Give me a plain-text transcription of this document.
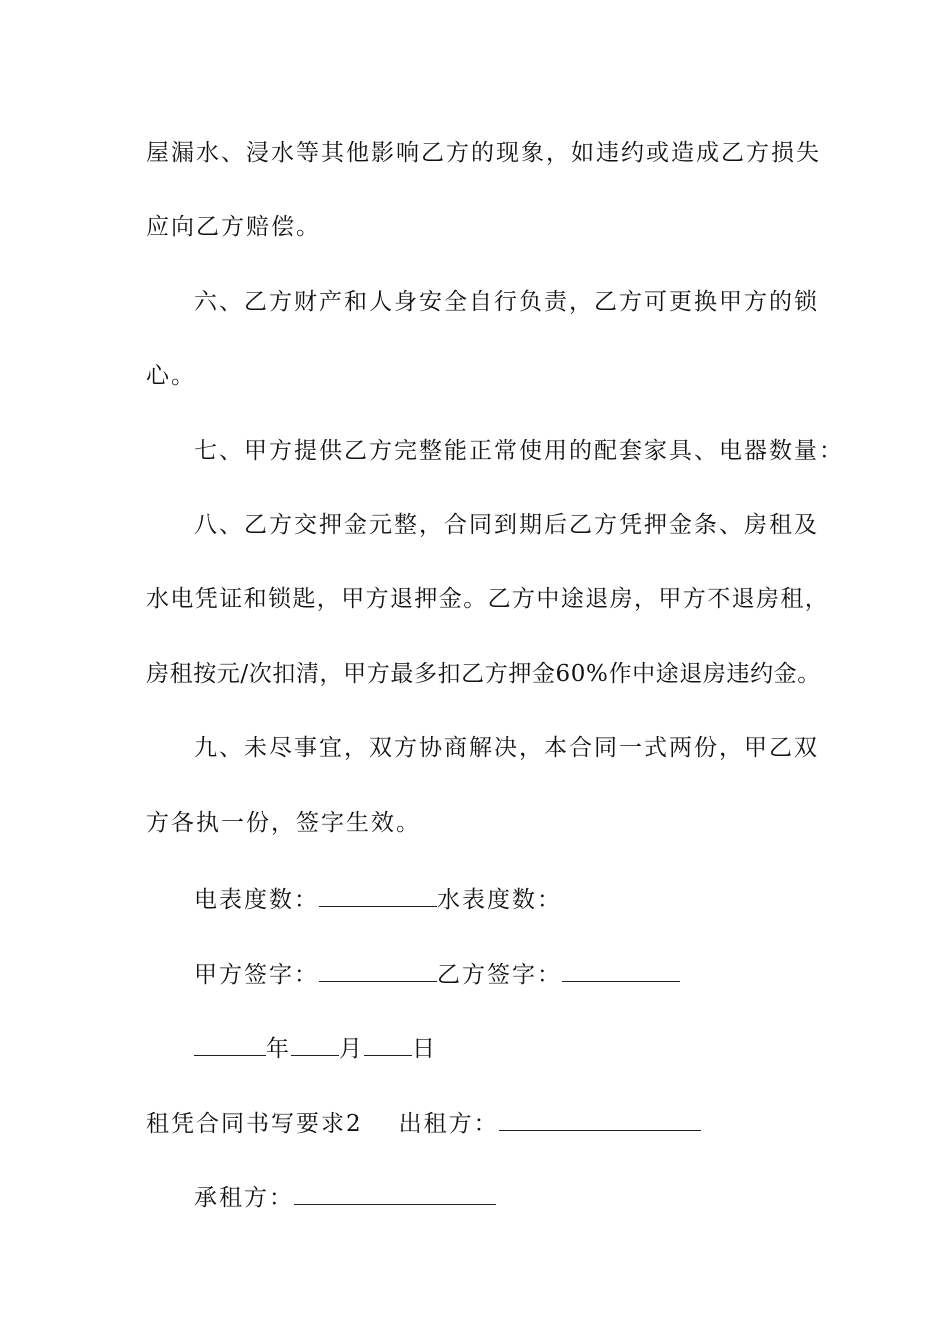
屋漏水、浸水等其他影响乙方的现象，如违约或造成乙方损失
应向乙方赔偿。
六、乙方财产和人身安全自行负责，乙方可更换甲方的锁
心。
七、甲方提供乙方完整能正常使用的配套家具、电器数量：
八、乙方交押金元整，合同到期后乙方凭押金条、房租及
水电凭证和锁匙，甲方退押金。乙方中途退房，甲方不退房租，
房租按元/次扣清，甲方最多扣乙方押金60%作中途退房违约金。
九、未尽事宜，双方协商解决，本合同一式两份，甲乙双
方各执一份，签字生效。
电表度数：	水表度数：
甲方签字：	乙方签字：
年 月 日
租凭合同书写要求2 出租方：
承租方：
